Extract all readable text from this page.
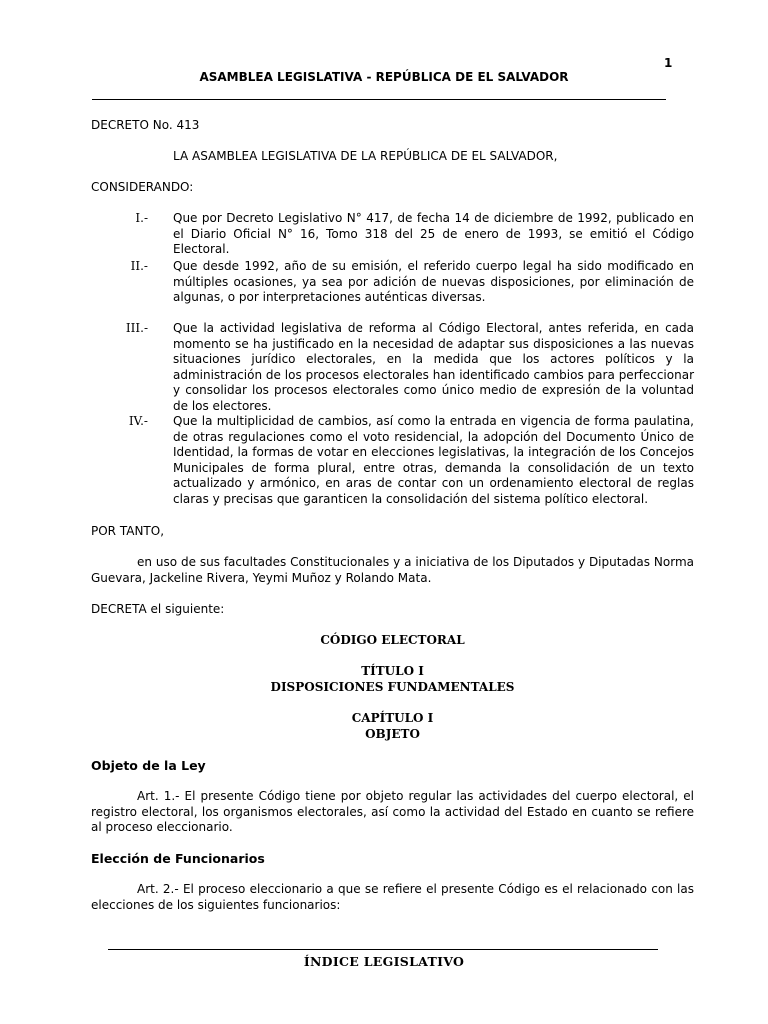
1
ASAMBLEA LEGISLATIVA - REPÚBLICA DE EL SALVADOR
DECRETO No. 413
LA ASAMBLEA LEGISLATIVA DE LA REPÚBLICA DE EL SALVADOR,
CONSIDERANDO:
I.- Que por Decreto Legislativo N° 417, de fecha 14 de diciembre de 1992, publicado en el Diario Oficial N° 16, Tomo 318 del 25 de enero de 1993, se emitió el Código Electoral.
II.- Que desde 1992, año de su emisión, el referido cuerpo legal ha sido modificado en múltiples ocasiones, ya sea por adición de nuevas disposiciones, por eliminación de algunas, o por interpretaciones auténticas diversas.
III.- Que la actividad legislativa de reforma al Código Electoral, antes referida, en cada momento se ha justificado en la necesidad de adaptar sus disposiciones a las nuevas situaciones jurídico electorales, en la medida que los actores políticos y la administración de los procesos electorales han identificado cambios para perfeccionar y consolidar los procesos electorales como único medio de expresión de la voluntad de los electores.
IV.- Que la multiplicidad de cambios, así como la entrada en vigencia de forma paulatina, de otras regulaciones como el voto residencial, la adopción del Documento Único de Identidad, la formas de votar en elecciones legislativas, la integración de los Concejos Municipales de forma plural, entre otras, demanda la consolidación de un texto actualizado y armónico, en aras de contar con un ordenamiento electoral de reglas claras y precisas que garanticen la consolidación del sistema político electoral.
POR TANTO,
en uso de sus facultades Constitucionales y a iniciativa de los Diputados y Diputadas Norma Guevara, Jackeline Rivera, Yeymi Muñoz y Rolando Mata.
DECRETA el siguiente:
CÓDIGO ELECTORAL
TÍTULO I
DISPOSICIONES FUNDAMENTALES
CAPÍTULO I
OBJETO
Objeto de la Ley
Art. 1.- El presente Código tiene por objeto regular las actividades del cuerpo electoral, el registro electoral, los organismos electorales, así como la actividad del Estado en cuanto se refiere al proceso eleccionario.
Elección de Funcionarios
Art. 2.- El proceso eleccionario a que se refiere el presente Código es el relacionado con las elecciones de los siguientes funcionarios:
ÍNDICE LEGISLATIVO
